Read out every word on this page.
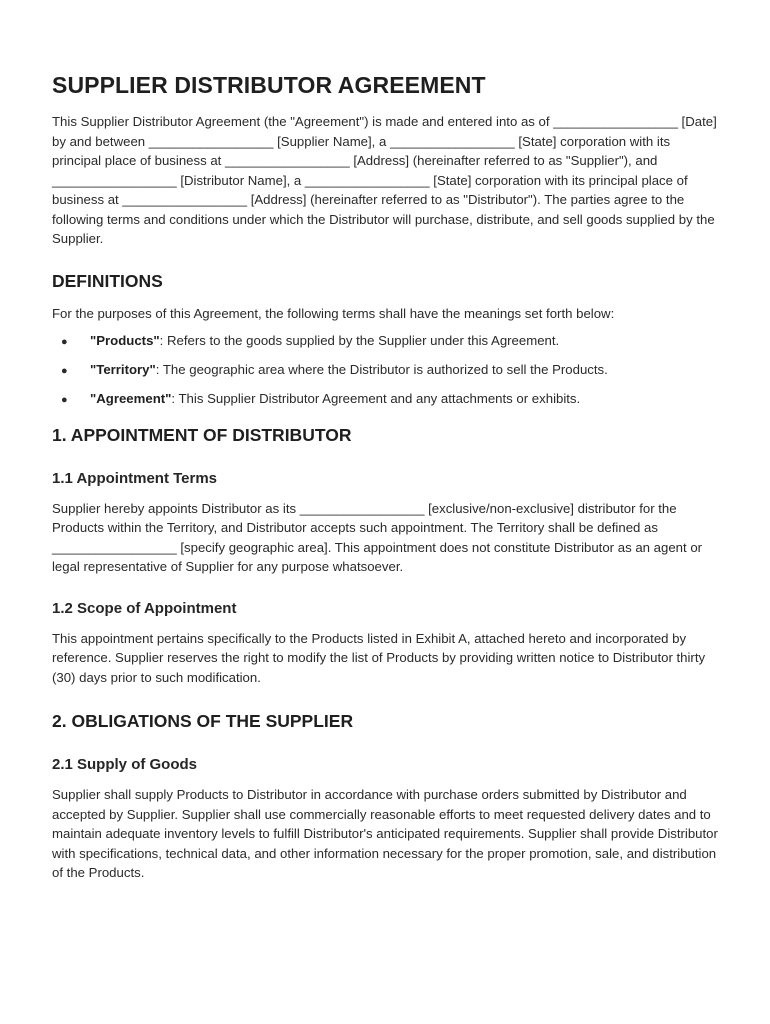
SUPPLIER DISTRIBUTOR AGREEMENT

This Supplier Distributor Agreement (the "Agreement") is made and entered into as of _________________ [Date] by and between _________________ [Supplier Name], a _________________ [State] corporation with its principal place of business at _________________ [Address] (hereinafter referred to as "Supplier"), and _________________ [Distributor Name], a _________________ [State] corporation with its principal place of business at _________________ [Address] (hereinafter referred to as "Distributor"). The parties agree to the following terms and conditions under which the Distributor will purchase, distribute, and sell goods supplied by the Supplier.

DEFINITIONS

For the purposes of this Agreement, the following terms shall have the meanings set forth below:

● "Products": Refers to the goods supplied by the Supplier under this Agreement.
● "Territory": The geographic area where the Distributor is authorized to sell the Products.
● "Agreement": This Supplier Distributor Agreement and any attachments or exhibits.
1. APPOINTMENT OF DISTRIBUTOR
1.1 Appointment Terms

Supplier hereby appoints Distributor as its _________________ [exclusive/non-exclusive] distributor for the Products within the Territory, and Distributor accepts such appointment. The Territory shall be defined as _________________ [specify geographic area]. This appointment does not constitute Distributor as an agent or legal representative of Supplier for any purpose whatsoever.

1.2 Scope of Appointment

This appointment pertains specifically to the Products listed in Exhibit A, attached hereto and incorporated by reference. Supplier reserves the right to modify the list of Products by providing written notice to Distributor thirty (30) days prior to such modification.

2. OBLIGATIONS OF THE SUPPLIER
2.1 Supply of Goods

Supplier shall supply Products to Distributor in accordance with purchase orders submitted by Distributor and accepted by Supplier. Supplier shall use commercially reasonable efforts to meet requested delivery dates and to maintain adequate inventory levels to fulfill Distributor's anticipated requirements. Supplier shall provide Distributor with specifications, technical data, and other information necessary for the proper promotion, sale, and distribution of the Products.
